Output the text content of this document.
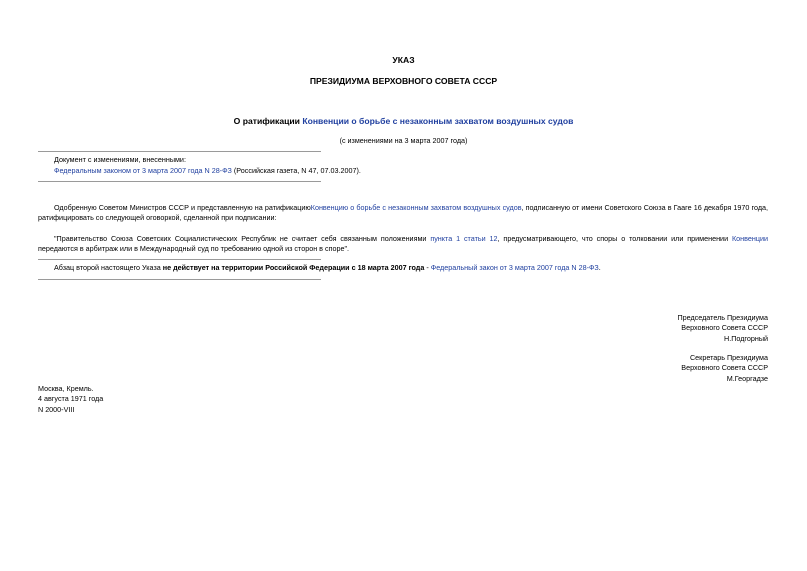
УКАЗ
ПРЕЗИДИУМА ВЕРХОВНОГО СОВЕТА СССР
О ратификации Конвенции о борьбе с незаконным захватом воздушных судов
(с изменениями на 3 марта 2007 года)
Документ с изменениями, внесенными:
Федеральным законом от 3 марта 2007 года N 28-ФЗ (Российская газета, N 47, 07.03.2007).
Одобренную Советом Министров СССР и представленную на ратификациюКонвенцию о борьбе с незаконным захватом воздушных судов, подписанную от имени Советского Союза в Гааге 16 декабря 1970 года, ратифицировать со следующей оговоркой, сделанной при подписании:
"Правительство Союза Советских Социалистических Республик не считает себя связанным положениями пункта 1 статьи 12, предусматривающего, что споры о толковании или применении Конвенции передаются в арбитраж или в Международный суд по требованию одной из сторон в споре".
Абзац второй настоящего Указа не действует на территории Российской Федерации с 18 марта 2007 года - Федеральный закон от 3 марта 2007 года N 28-ФЗ.
Председатель Президиума
Верховного Совета СССР
Н.Подгорный
Секретарь Президиума
Верховного Совета СССР
М.Георгадзе
Москва, Кремль.
4 августа 1971 года
N 2000-VIII
